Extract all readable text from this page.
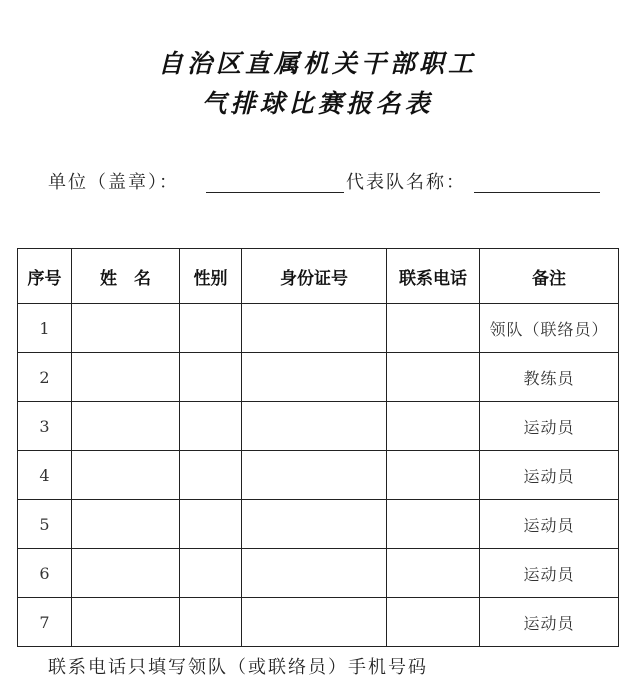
自治区直属机关干部职工
气排球比赛报名表
单位（盖章）：	代表队名称：
序号	姓　名	性别	身份证号	联系电话	备注
1					领队（联络员）
2					教练员
3					运动员
4					运动员
5					运动员
6					运动员
7					运动员
联系电话只填写领队（或联络员）手机号码
